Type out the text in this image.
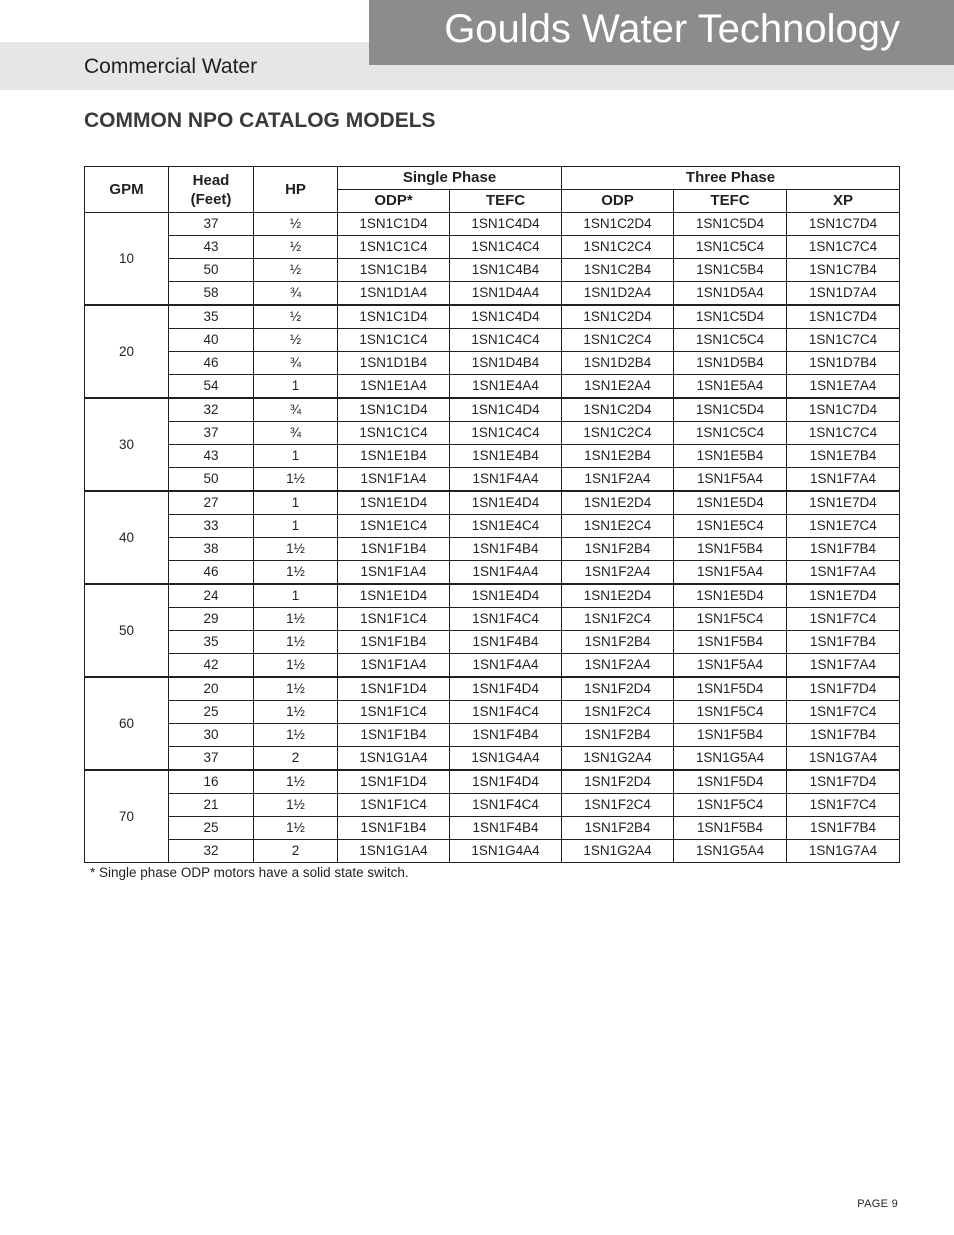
Goulds Water Technology
Commercial Water
COMMON NPO CATALOG MODELS
GPM	Head (Feet)	HP	Single Phase		Three Phase		
			ODP*	TEFC	ODP	TEFC	XP
10	37	½	1SN1C1D4	1SN1C4D4	1SN1C2D4	1SN1C5D4	1SN1C7D4
	43	½	1SN1C1C4	1SN1C4C4	1SN1C2C4	1SN1C5C4	1SN1C7C4
	50	½	1SN1C1B4	1SN1C4B4	1SN1C2B4	1SN1C5B4	1SN1C7B4
	58	¾	1SN1D1A4	1SN1D4A4	1SN1D2A4	1SN1D5A4	1SN1D7A4
20	35	½	1SN1C1D4	1SN1C4D4	1SN1C2D4	1SN1C5D4	1SN1C7D4
	40	½	1SN1C1C4	1SN1C4C4	1SN1C2C4	1SN1C5C4	1SN1C7C4
	46	¾	1SN1D1B4	1SN1D4B4	1SN1D2B4	1SN1D5B4	1SN1D7B4
	54	1	1SN1E1A4	1SN1E4A4	1SN1E2A4	1SN1E5A4	1SN1E7A4
30	32	¾	1SN1C1D4	1SN1C4D4	1SN1C2D4	1SN1C5D4	1SN1C7D4
	37	¾	1SN1C1C4	1SN1C4C4	1SN1C2C4	1SN1C5C4	1SN1C7C4
	43	1	1SN1E1B4	1SN1E4B4	1SN1E2B4	1SN1E5B4	1SN1E7B4
	50	1½	1SN1F1A4	1SN1F4A4	1SN1F2A4	1SN1F5A4	1SN1F7A4
40	27	1	1SN1E1D4	1SN1E4D4	1SN1E2D4	1SN1E5D4	1SN1E7D4
	33	1	1SN1E1C4	1SN1E4C4	1SN1E2C4	1SN1E5C4	1SN1E7C4
	38	1½	1SN1F1B4	1SN1F4B4	1SN1F2B4	1SN1F5B4	1SN1F7B4
	46	1½	1SN1F1A4	1SN1F4A4	1SN1F2A4	1SN1F5A4	1SN1F7A4
50	24	1	1SN1E1D4	1SN1E4D4	1SN1E2D4	1SN1E5D4	1SN1E7D4
	29	1½	1SN1F1C4	1SN1F4C4	1SN1F2C4	1SN1F5C4	1SN1F7C4
	35	1½	1SN1F1B4	1SN1F4B4	1SN1F2B4	1SN1F5B4	1SN1F7B4
	42	1½	1SN1F1A4	1SN1F4A4	1SN1F2A4	1SN1F5A4	1SN1F7A4
60	20	1½	1SN1F1D4	1SN1F4D4	1SN1F2D4	1SN1F5D4	1SN1F7D4
	25	1½	1SN1F1C4	1SN1F4C4	1SN1F2C4	1SN1F5C4	1SN1F7C4
	30	1½	1SN1F1B4	1SN1F4B4	1SN1F2B4	1SN1F5B4	1SN1F7B4
	37	2	1SN1G1A4	1SN1G4A4	1SN1G2A4	1SN1G5A4	1SN1G7A4
70	16	1½	1SN1F1D4	1SN1F4D4	1SN1F2D4	1SN1F5D4	1SN1F7D4
	21	1½	1SN1F1C4	1SN1F4C4	1SN1F2C4	1SN1F5C4	1SN1F7C4
	25	1½	1SN1F1B4	1SN1F4B4	1SN1F2B4	1SN1F5B4	1SN1F7B4
	32	2	1SN1G1A4	1SN1G4A4	1SN1G2A4	1SN1G5A4	1SN1G7A4
* Single phase ODP motors have a solid state switch.
PAGE 9
